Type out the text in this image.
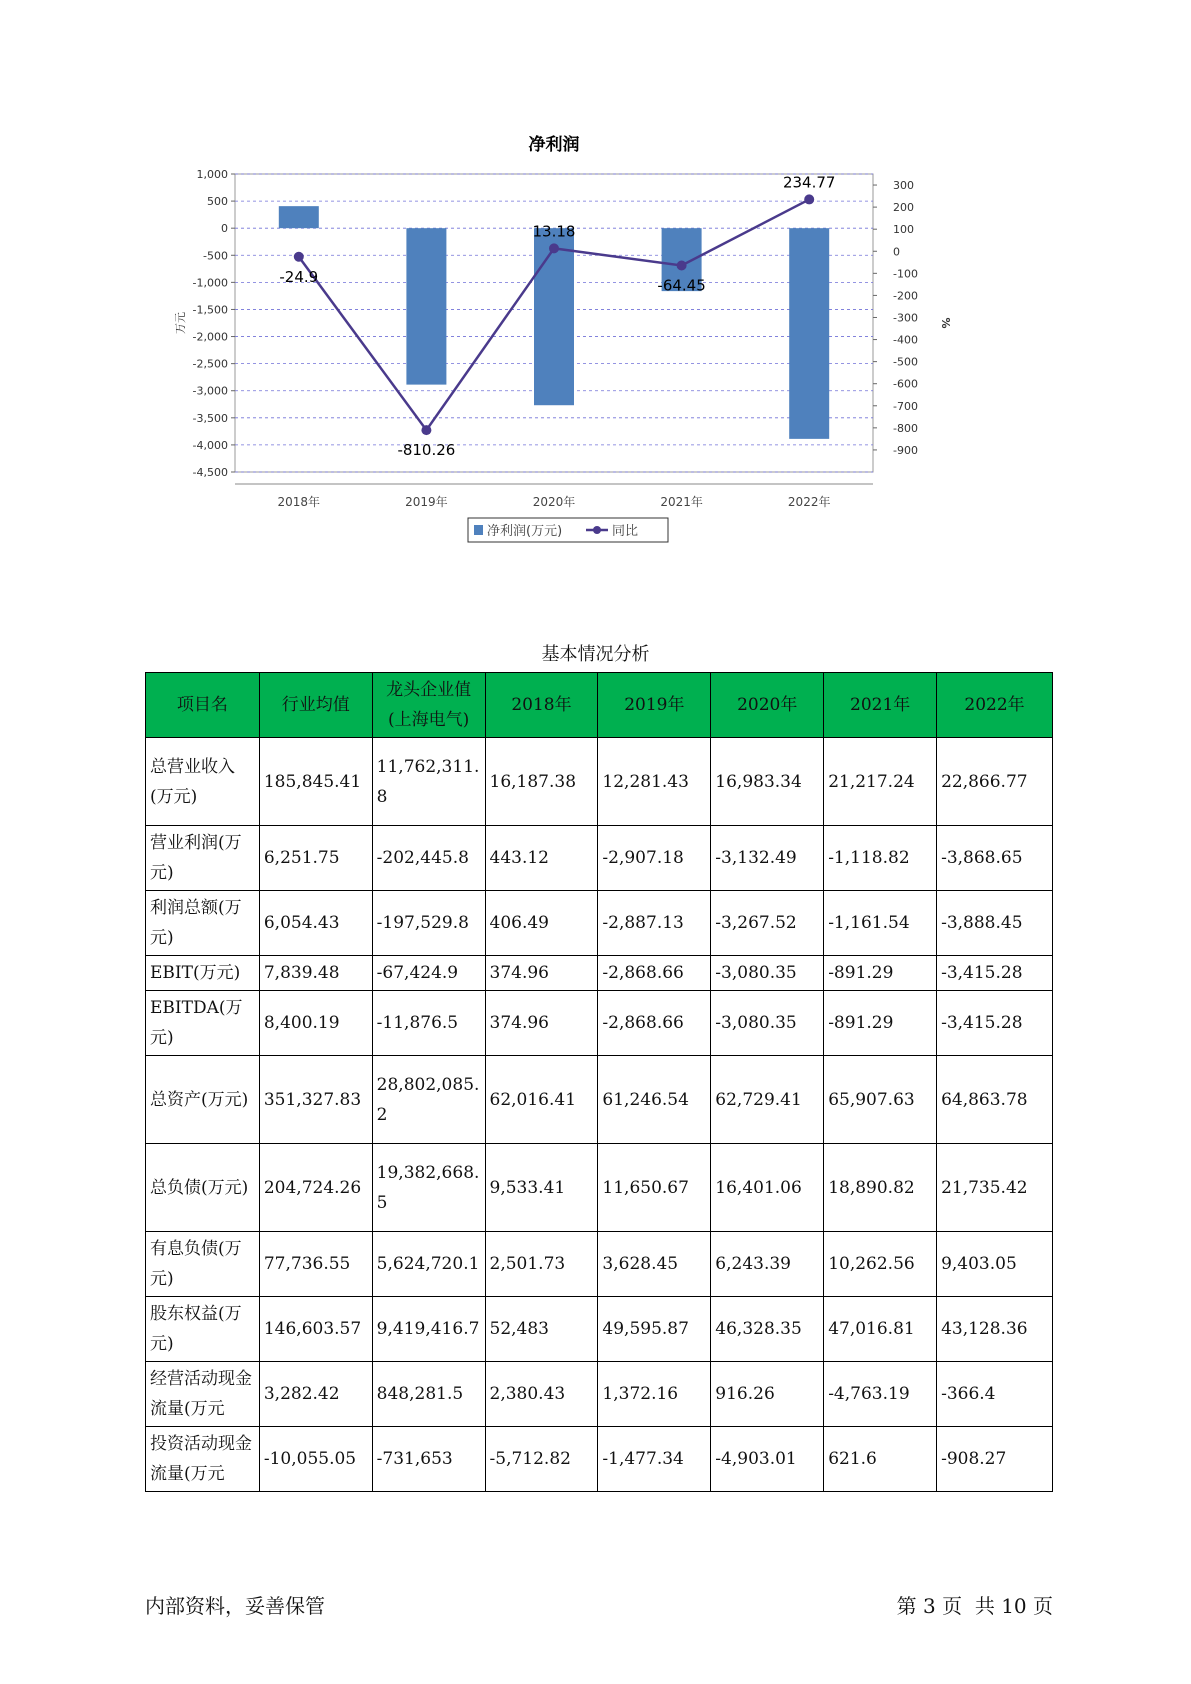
净利润
1,000
500
0
-500
-1,000
-1,500
-2,000
-2,500
-3,000
-3,500
-4,000
-4,500
300
200
100
0
-100
-200
-300
-400
-500
-600
-700
-800
-900
万元	%
2018年	2019年	2020年	2021年	2022年
-24.9
-810.26
13.18
-64.45
234.77
净利润(万元)	同比
基本情况分析
项目名	行业均值	龙头企业值(上海电气)	2018年	2019年	2020年	2021年	2022年
总营业收入(万元)	185,845.41	11,762,311.8	16,187.38	12,281.43	16,983.34	21,217.24	22,866.77
营业利润(万元)	6,251.75	-202,445.8	443.12	-2,907.18	-3,132.49	-1,118.82	-3,868.65
利润总额(万元)	6,054.43	-197,529.8	406.49	-2,887.13	-3,267.52	-1,161.54	-3,888.45
EBIT(万元)	7,839.48	-67,424.9	374.96	-2,868.66	-3,080.35	-891.29	-3,415.28
EBITDA(万元)	8,400.19	-11,876.5	374.96	-2,868.66	-3,080.35	-891.29	-3,415.28
总资产(万元)	351,327.83	28,802,085.2	62,016.41	61,246.54	62,729.41	65,907.63	64,863.78
总负债(万元)	204,724.26	19,382,668.5	9,533.41	11,650.67	16,401.06	18,890.82	21,735.42
有息负债(万元)	77,736.55	5,624,720.1	2,501.73	3,628.45	6,243.39	10,262.56	9,403.05
股东权益(万元)	146,603.57	9,419,416.7	52,483	49,595.87	46,328.35	47,016.81	43,128.36
经营活动现金流量(万元	3,282.42	848,281.5	2,380.43	1,372.16	916.26	-4,763.19	-366.4
投资活动现金流量(万元	-10,055.05	-731,653	-5,712.82	-1,477.34	-4,903.01	621.6	-908.27
内部资料，妥善保管	第 3 页 共 10 页
